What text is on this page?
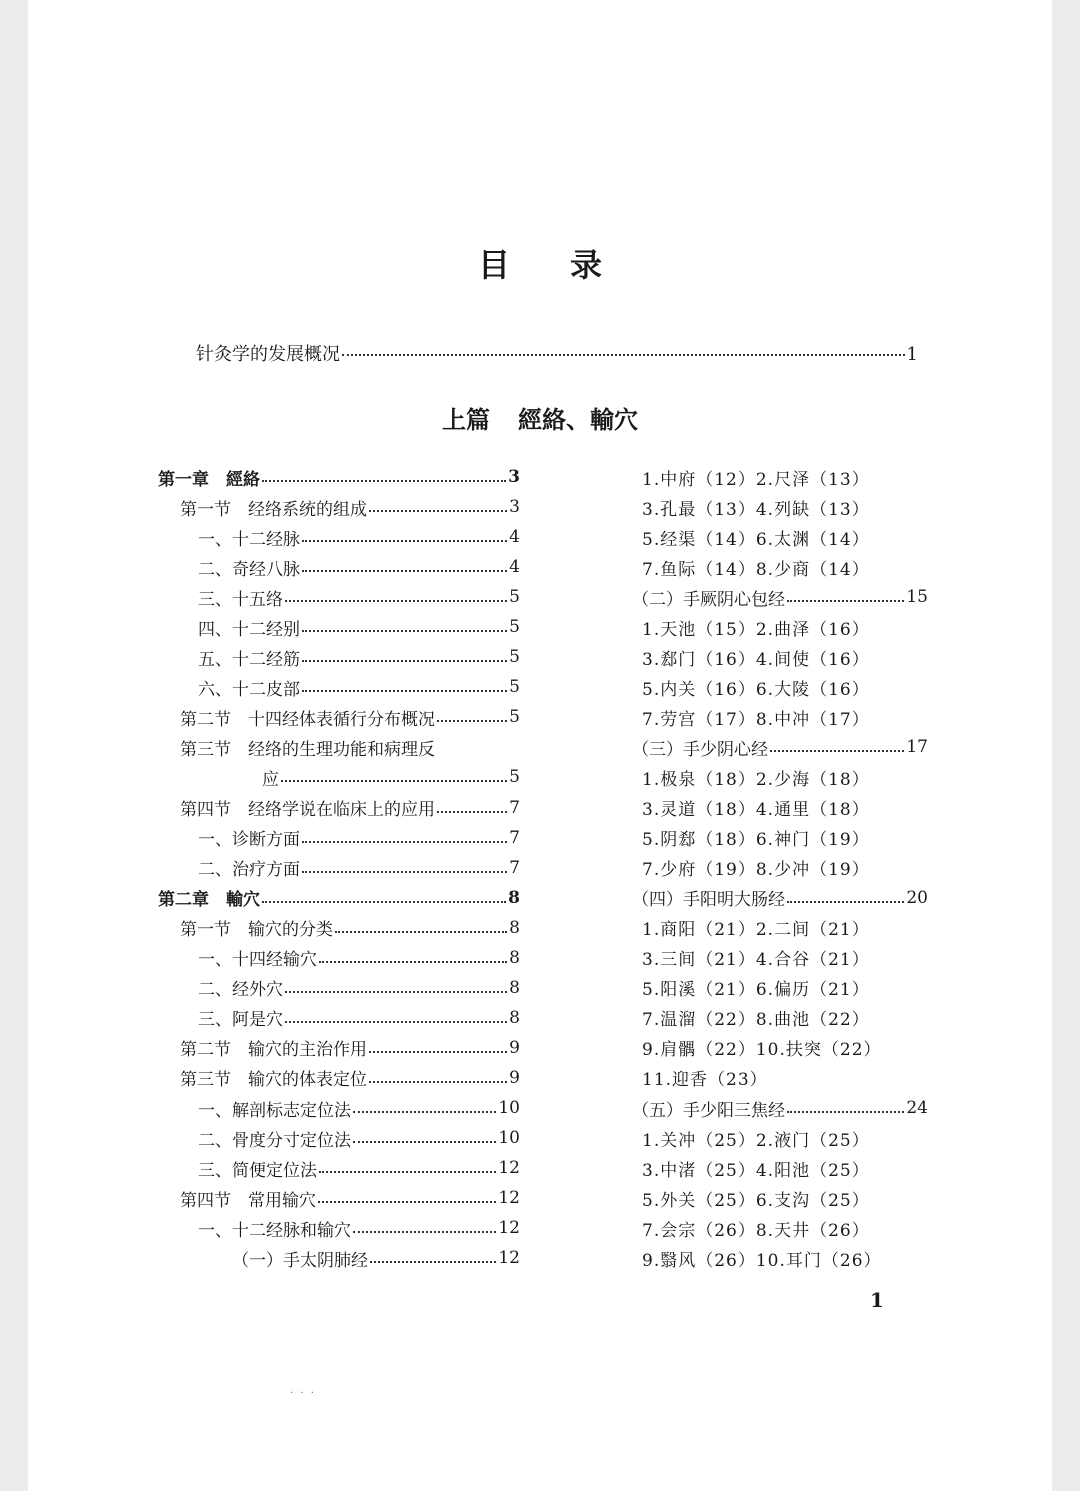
目录
针灸学的发展概况	1
上篇 經絡、輸穴
第一章　經絡	3
第一节　经络系统的组成	3
一、十二经脉	4
二、奇经八脉	4
三、十五络	5
四、十二经别	5
五、十二经筋	5
六、十二皮部	5
第二节　十四经体表循行分布概况	5
第三节　经络的生理功能和病理反
应	5
第四节　经络学说在临床上的应用	7
一、诊断方面	7
二、治疗方面	7
第二章　輸穴	8
第一节　输穴的分类	8
一、十四经输穴	8
二、经外穴	8
三、阿是穴	8
第二节　输穴的主治作用	9
第三节　输穴的体表定位	9
一、解剖标志定位法	10
二、骨度分寸定位法	10
三、简便定位法	12
第四节　常用输穴	12
一、十二经脉和输穴	12
（一）手太阴肺经	12
1.中府（12）2.尺泽（13）
3.孔最（13）4.列缺（13）
5.经渠（14）6.太渊（14）
7.鱼际（14）8.少商（14）
（二）手厥阴心包经	15
1.天池（15）2.曲泽（16）
3.郄门（16）4.间使（16）
5.内关（16）6.大陵（16）
7.劳宫（17）8.中冲（17）
（三）手少阴心经	17
1.极泉（18）2.少海（18）
3.灵道（18）4.通里（18）
5.阴郄（18）6.神门（19）
7.少府（19）8.少冲（19）
（四）手阳明大肠经	20
1.商阳（21）2.二间（21）
3.三间（21）4.合谷（21）
5.阳溪（21）6.偏历（21）
7.温溜（22）8.曲池（22）
9.肩髃（22）10.扶突（22）
11.迎香（23）
（五）手少阳三焦经	24
1.关冲（25）2.液门（25）
3.中渚（25）4.阳池（25）
5.外关（25）6.支沟（25）
7.会宗（26）8.天井（26）
9.翳风（26）10.耳门（26）
1
· · ·
